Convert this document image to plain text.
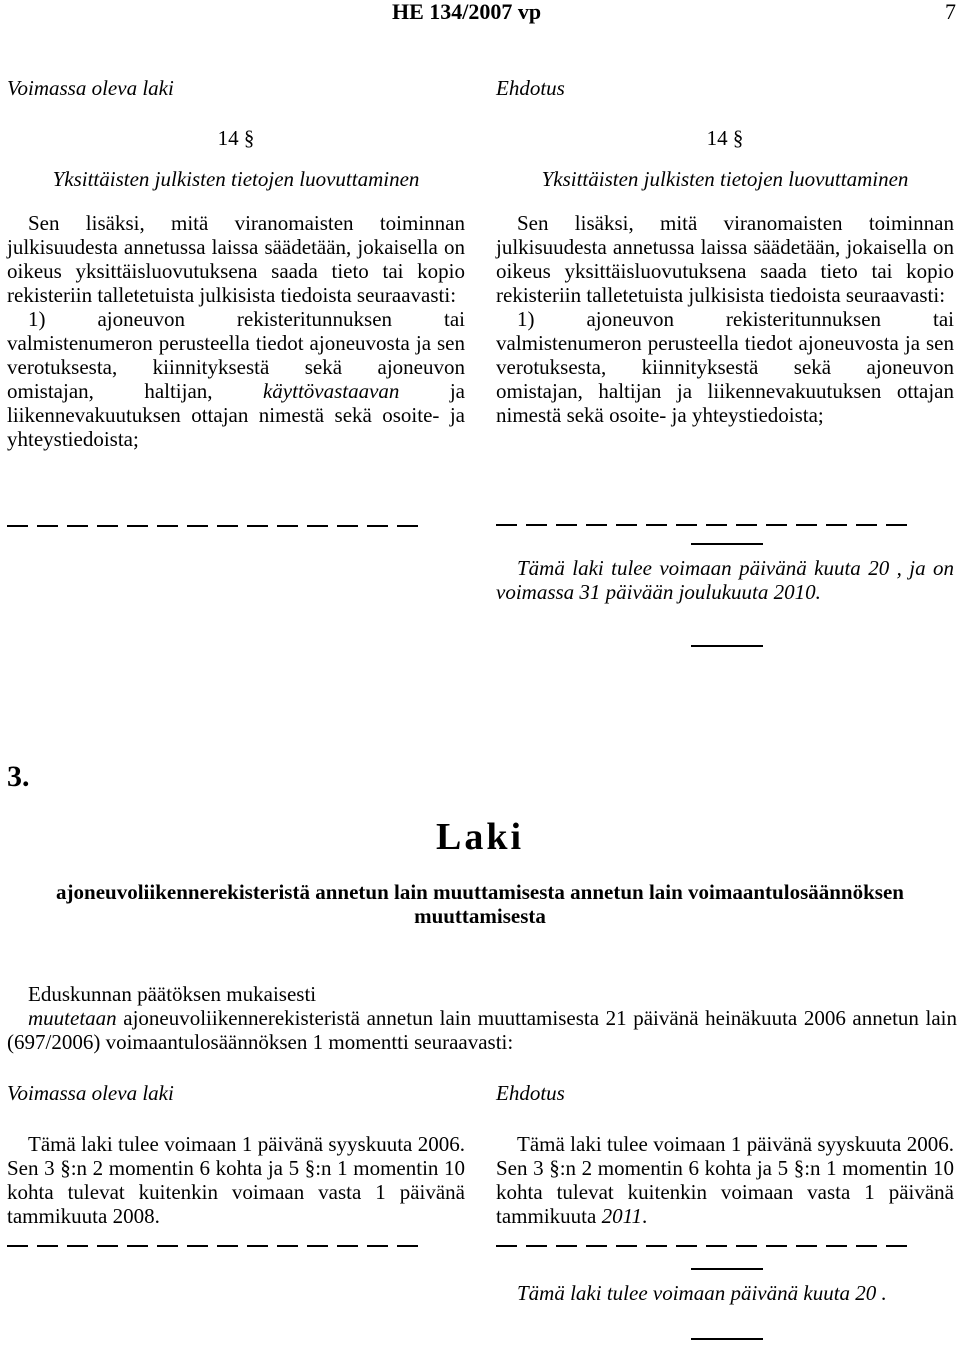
HE 134/2007 vp	7
Voimassa oleva laki
14 §
Yksittäisten julkisten tietojen luovuttaminen
Sen lisäksi, mitä viranomaisten toiminnan julkisuudesta annetussa laissa säädetään, jokaisella on oikeus yksittäisluovutuksena saada tieto tai kopio rekisteriin talletetuista julkisista tiedoista seuraavasti:
1) ajoneuvon rekisteritunnuksen tai valmistenumeron perusteella tiedot ajoneuvosta ja sen verotuksesta, kiinnityksestä sekä ajoneuvon omistajan, haltijan, käyttövastaavan ja liikennevakuutuksen ottajan nimestä sekä osoite- ja yhteystiedoista;
Ehdotus
14 §
Yksittäisten julkisten tietojen luovuttaminen
Sen lisäksi, mitä viranomaisten toiminnan julkisuudesta annetussa laissa säädetään, jokaisella on oikeus yksittäisluovutuksena saada tieto tai kopio rekisteriin talletetuista julkisista tiedoista seuraavasti:
1) ajoneuvon rekisteritunnuksen tai valmistenumeron perusteella tiedot ajoneuvosta ja sen verotuksesta, kiinnityksestä sekä ajoneuvon omistajan, haltijan ja liikennevakuutuksen ottajan nimestä sekä osoite- ja yhteystiedoista;
Tämä laki tulee voimaan päivänä kuuta 20 , ja on voimassa 31 päivään joulukuuta 2010.
3.
Laki
ajoneuvoliikennerekisteristä annetun lain muuttamisesta annetun lain voimaantulosäännöksen muuttamisesta
Eduskunnan päätöksen mukaisesti
muutetaan ajoneuvoliikennerekisteristä annetun lain muuttamisesta 21 päivänä heinäkuuta 2006 annetun lain (697/2006) voimaantulosäännöksen 1 momentti seuraavasti:
Voimassa oleva laki	Ehdotus
Tämä laki tulee voimaan 1 päivänä syyskuuta 2006. Sen 3 §:n 2 momentin 6 kohta ja 5 §:n 1 momentin 10 kohta tulevat kuitenkin voimaan vasta 1 päivänä tammikuuta 2008.
Tämä laki tulee voimaan 1 päivänä syyskuuta 2006. Sen 3 §:n 2 momentin 6 kohta ja 5 §:n 1 momentin 10 kohta tulevat kuitenkin voimaan vasta 1 päivänä tammikuuta 2011.
Tämä laki tulee voimaan päivänä kuuta 20 .
